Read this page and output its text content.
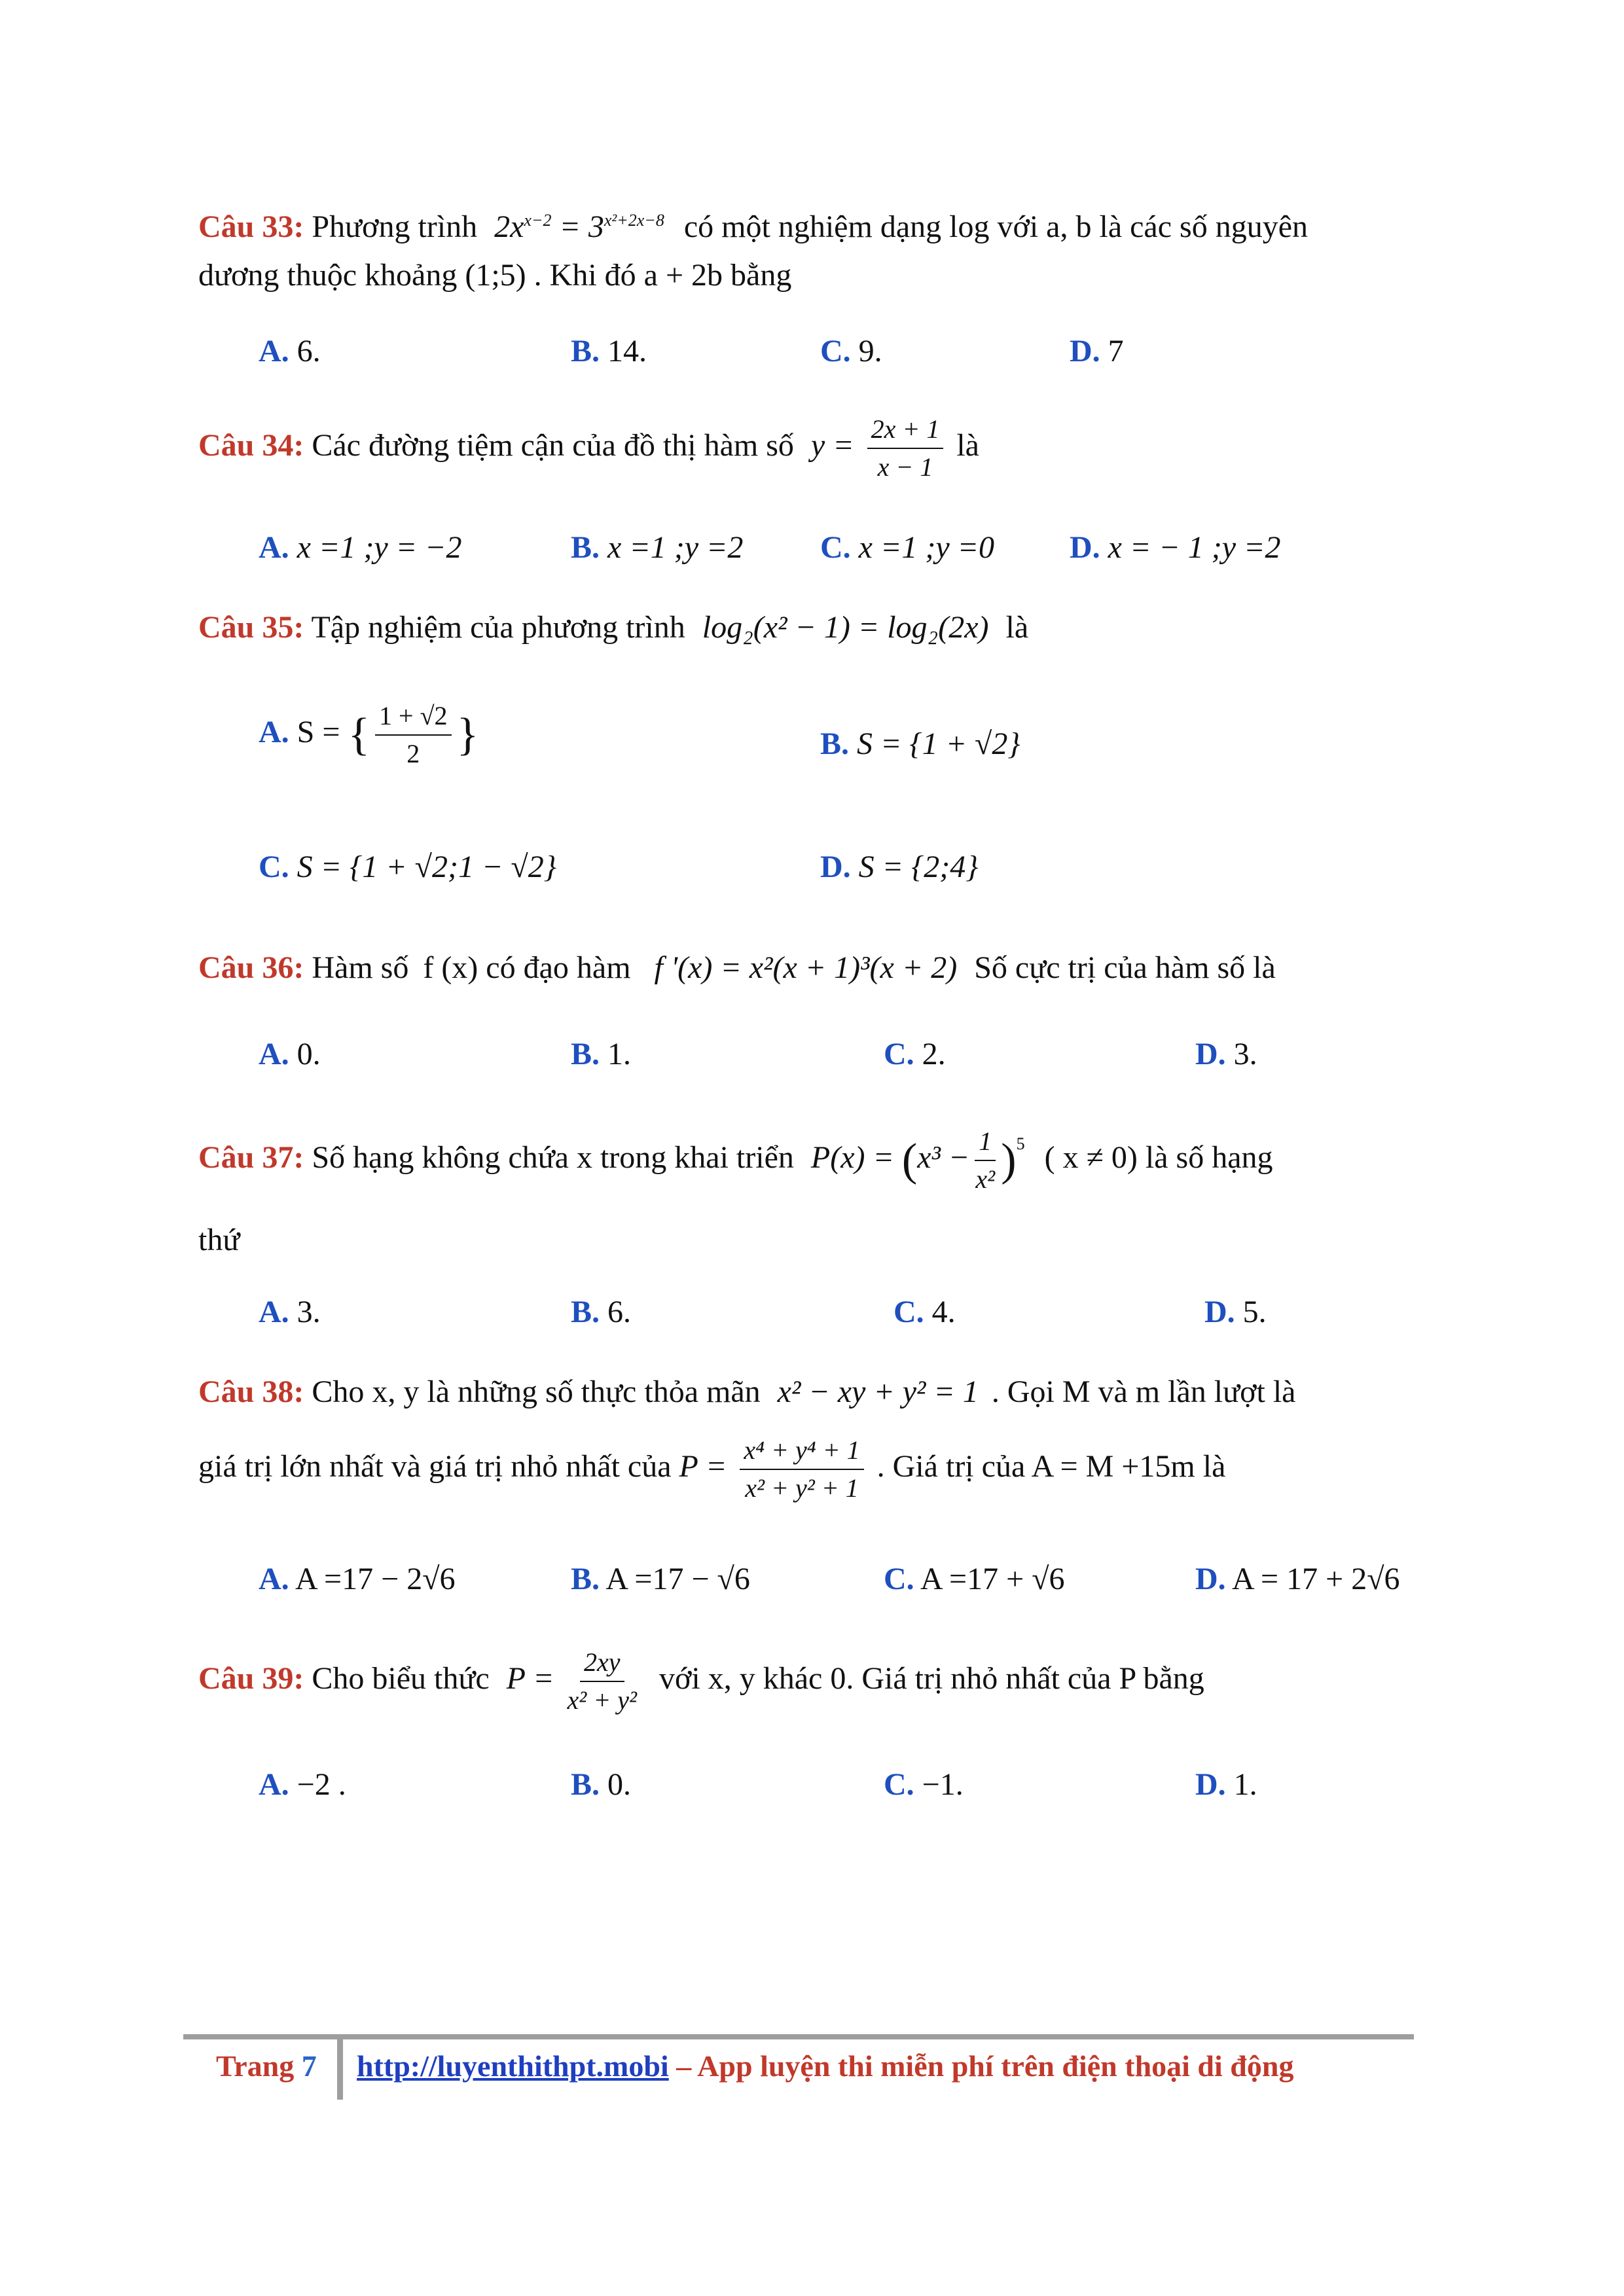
Câu 33: Phương trình $2x^{x-2} = 3^{x^2+2x-8}$ có một nghiệm dạng log với a, b là các số nguyên
dương thuộc khoảng (1;5) . Khi đó a + 2b bằng
A. 6.	B. 14.	C. 9.	D. 7
Câu 34: Các đường tiệm cận của đồ thị hàm số $y = \frac{2x + 1}{x - 1}$ là
A. x =1 ;y = −2	B. x =1 ;y =2 C. x =1 ;y =0 D. x = − 1 ;y =2
Câu 35: Tập nghiệm của phương trình log₂(x² − 1) = log₂(2x) là
A. S = { $\frac{1 + √2}{2}$ }	B. S = {1 + √2}
C. S = {1 + √2;1 − √2}	D. S = {2;4}
Câu 36: Hàm số f (x) có đạo hàm f '(x) = x²(x + 1)³(x + 2) Số cực trị của hàm số là
A. 0.	B. 1.	C. 2.	D. 3.
Câu 37: Số hạng không chứa x trong khai triển $P(x) = (x^3 - \frac{1}{\text{x²}} )^5$ ( x ≠ 0) là số hạng
thứ
A. 3.	B. 6.	C. 4.	D. 5.
Câu 38: Cho x, y là những số thực thỏa mãn x² − xy + y² = 1 . Gọi M và m lần lượt là
giá trị lớn nhất và giá trị nhỏ nhất của $P = \frac{\text{x⁴ + y⁴ + 1}}{\text{x² + y² + 1}}$ . Giá trị của A = M +15m là
A. A =17 − 2√6	B. A =17 − √6	C. A =17 + √6	D. A = 17 + 2√6
Câu 39: Cho biểu thức $P = \frac{2xy}{\text{x² + y²}}$ với x, y khác 0. Giá trị nhỏ nhất của P bằng
A. −2 .	B. 0.	C. −1.	D. 1.
Trang 7 http://luyenthithpt.mobi – App luyện thi miễn phí trên điện thoại di động
